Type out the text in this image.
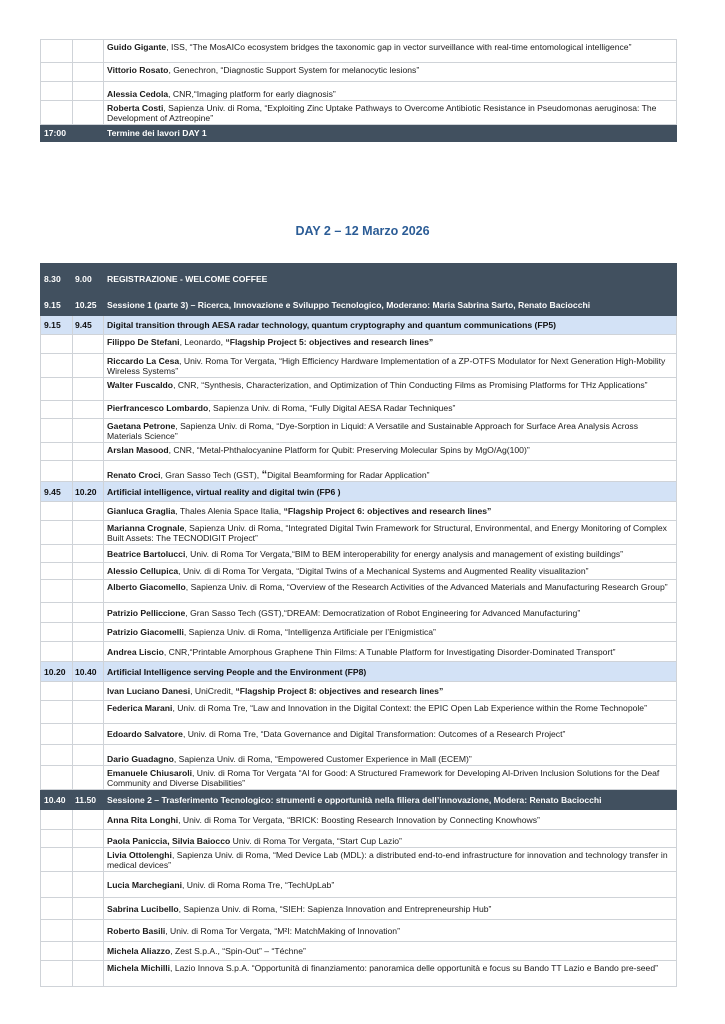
		Guido Gigante, ISS, “The MosAICo ecosystem bridges the taxonomic gap in vector surveillance with real-time entomological intelligence”
		Vittorio Rosato, Genechron, “Diagnostic Support System for melanocytic lesions”
		Alessia Cedola, CNR,“Imaging platform for early diagnosis”
		Roberta Costi, Sapienza Univ. di Roma, “Exploiting Zinc Uptake Pathways to Overcome Antibiotic Resistance in Pseudomonas aeruginosa: The Development of Aztreopine”
17:00		Termine dei lavori DAY 1
DAY 2 – 12 Marzo 2026
8.30	9.00	REGISTRAZIONE - WELCOME COFFEE
9.15	10.25	Sessione 1 (parte 3) – Ricerca, Innovazione e Sviluppo Tecnologico, Moderano: Maria Sabrina Sarto, Renato Baciocchi
9.15	9.45	Digital transition through AESA radar technology, quantum cryptography and quantum communications (FP5)
		Filippo De Stefani, Leonardo, “Flagship Project 5: objectives and research lines”
		Riccardo La Cesa, Univ. Roma Tor Vergata, “High Efficiency Hardware Implementation of a ZP-OTFS Modulator for Next Generation High-Mobility Wireless Systems”
		Walter Fuscaldo, CNR, “Synthesis, Characterization, and Optimization of Thin Conducting Films as Promising Platforms for THz Applications”
		Pierfrancesco Lombardo, Sapienza Univ. di Roma, “Fully Digital AESA Radar Techniques”
		Gaetana Petrone, Sapienza Univ. di Roma, “Dye-Sorption in Liquid: A Versatile and Sustainable Approach for Surface Area Analysis Across Materials Science”
		Arslan Masood, CNR, “Metal-Phthalocyanine Platform for Qubit: Preserving Molecular Spins by MgO/Ag(100)”
		Renato Croci, Gran Sasso Tech (GST), “Digital Beamforming for Radar Application”
9.45	10.20	Artificial intelligence, virtual reality and digital twin (FP6 )
		Gianluca Graglia, Thales Alenia Space Italia, “Flagship Project 6: objectives and research lines”
		Marianna Crognale, Sapienza Univ. di Roma, “Integrated Digital Twin Framework for Structural, Environmental, and Energy Monitoring of Complex Built Assets: The TECNODIGIT Project”
		Beatrice Bartolucci, Univ. di Roma Tor Vergata,“BIM to BEM interoperability for energy analysis and management of existing buildings”
		Alessio Cellupica, Univ. di di Roma Tor Vergata, “Digital Twins of a Mechanical Systems and Augmented Reality visualitazion”
		Alberto Giacomello, Sapienza Univ. di Roma, “Overview of the Research Activities of the Advanced Materials and Manufacturing Research Group”
		Patrizio Pelliccione, Gran Sasso Tech (GST),“DREAM: Democratization of Robot Engineering for Advanced Manufacturing”
		Patrizio Giacomelli, Sapienza Univ. di Roma, “Intelligenza Artificiale per l’Enigmistica”
		Andrea Liscio, CNR,“Printable Amorphous Graphene Thin Films: A Tunable Platform for Investigating Disorder-Dominated Transport”
10.20	10.40	Artificial Intelligence serving People and the Environment (FP8)
		Ivan Luciano Danesi, UniCredit, “Flagship Project 8: objectives and research lines”
		Federica Marani, Univ. di Roma Tre, “Law and Innovation in the Digital Context: the EPIC Open Lab Experience within the Rome Technopole”
		Edoardo Salvatore, Univ. di Roma Tre, “Data Governance and Digital Transformation: Outcomes of a Research Project”
		Dario Guadagno, Sapienza Univ. di Roma, “Empowered Customer Experience in Mall (ECEM)”
		Emanuele Chiusaroli, Univ. di Roma Tor Vergata “AI for Good: A Structured Framework for Developing AI-Driven Inclusion Solutions for the Deaf Community and Diverse Disabilities”
10.40	11.50	Sessione 2 – Trasferimento Tecnologico: strumenti e opportunità nella filiera dell’innovazione, Modera: Renato Baciocchi
		Anna Rita Longhi, Univ. di Roma Tor Vergata, “BRICK: Boosting Research Innovation by Connecting Knowhows”
		Paola Paniccia, Silvia Baiocco Univ. di Roma Tor Vergata, “Start Cup Lazio”
		Livia Ottolenghi, Sapienza Univ. di Roma, “Med Device Lab (MDL): a distributed end-to-end infrastructure for innovation and technology transfer in medical devices”
		Lucia Marchegiani, Univ. di Roma Roma Tre, “TechUpLab”
		Sabrina Lucibello, Sapienza Univ. di Roma, “SIEH: Sapienza Innovation and Entrepreneurship Hub”
		Roberto Basili, Univ. di Roma Tor Vergata, “M²I: MatchMaking of Innovation”
		Michela Aliazzo, Zest S.p.A., “Spin-Out” – “Téchne”
		Michela Michilli, Lazio Innova S.p.A. “Opportunità di finanziamento: panoramica delle opportunità e focus su Bando TT Lazio e Bando pre-seed”
